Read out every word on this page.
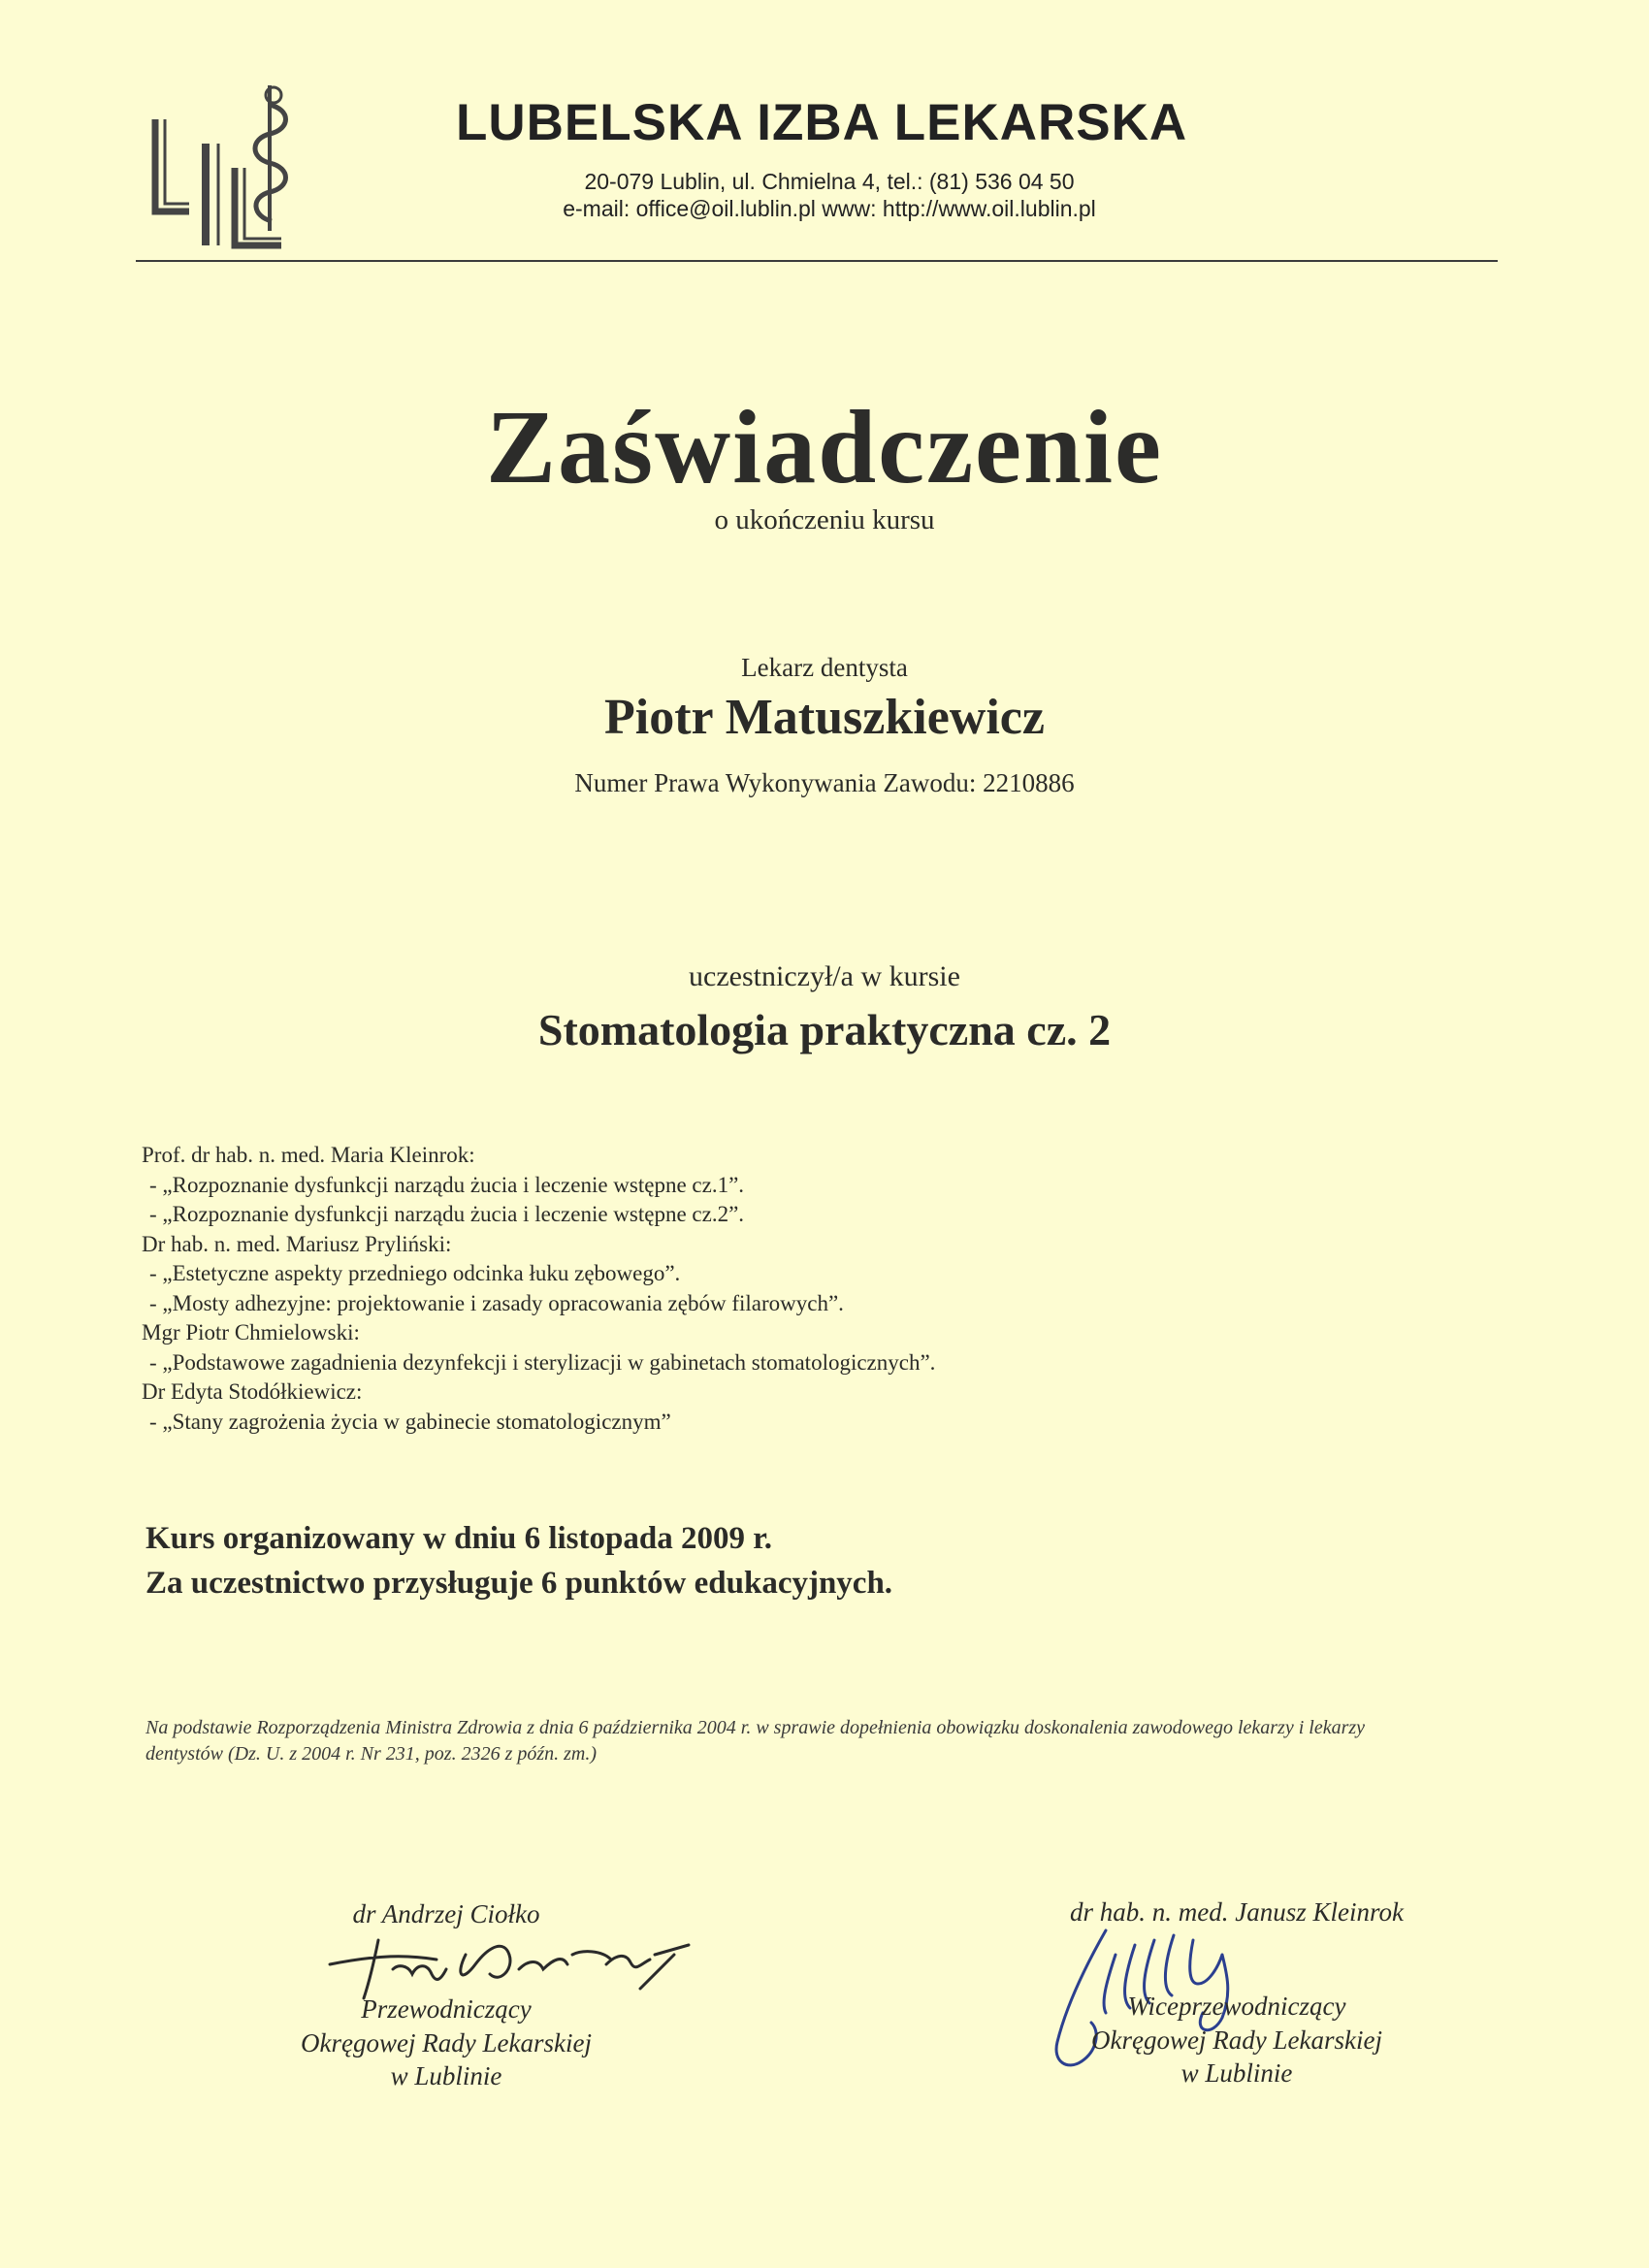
LUBELSKA IZBA LEKARSKA
20-079 Lublin, ul. Chmielna 4, tel.: (81) 536 04 50
e-mail: office@oil.lublin.pl www: http://www.oil.lublin.pl
Zaświadczenie
o ukończeniu kursu
Lekarz dentysta
Piotr Matuszkiewicz
Numer Prawa Wykonywania Zawodu: 2210886
uczestniczył/a w kursie
Stomatologia praktyczna cz. 2
Prof. dr hab. n. med. Maria Kleinrok:
- „Rozpoznanie dysfunkcji narządu żucia i leczenie wstępne cz.1”.
- „Rozpoznanie dysfunkcji narządu żucia i leczenie wstępne cz.2”.
Dr hab. n. med. Mariusz Pryliński:
- „Estetyczne aspekty przedniego odcinka łuku zębowego”.
- „Mosty adhezyjne: projektowanie i zasady opracowania zębów filarowych”.
Mgr Piotr Chmielowski:
- „Podstawowe zagadnienia dezynfekcji i sterylizacji w gabinetach stomatologicznych”.
Dr Edyta Stodółkiewicz:
- „Stany zagrożenia życia w gabinecie stomatologicznym”
Kurs organizowany w dniu 6 listopada 2009 r.
Za uczestnictwo przysługuje 6 punktów edukacyjnych.
Na podstawie Rozporządzenia Ministra Zdrowia z dnia 6 października 2004 r. w sprawie dopełnienia obowiązku doskonalenia zawodowego lekarzy i lekarzy dentystów (Dz. U. z 2004 r. Nr 231, poz. 2326 z późn. zm.)
dr Andrzej Ciołko
Przewodniczący
Okręgowej Rady Lekarskiej
w Lublinie
dr hab. n. med. Janusz Kleinrok
Wiceprzewodniczący
Okręgowej Rady Lekarskiej
w Lublinie
